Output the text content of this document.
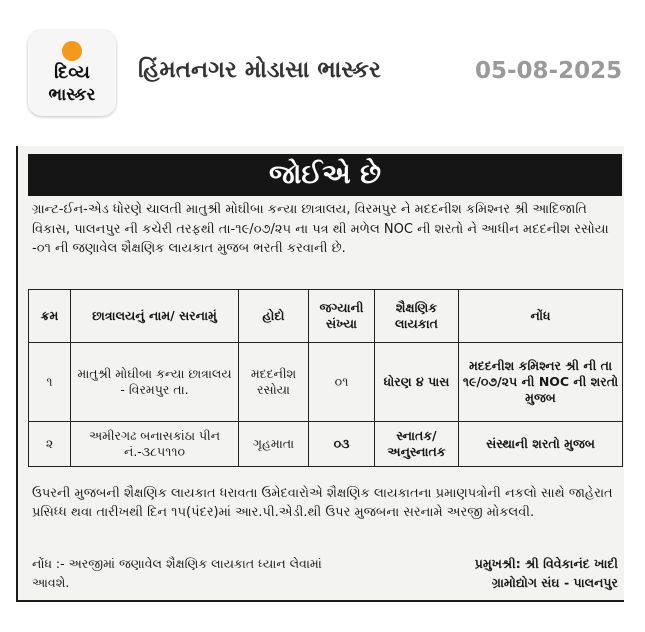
દિવ્ય
ભાસ્કર
હિંમતનગર મોડાસા ભાસ્કર	05-08-2025
જોઈએ છે
ગ્રાન્ટ-ઈન-એડ ધોરણે ચાલતી માતુશ્રી મોઘીબા કન્યા છાત્રાલય, વિરમપુર ને મદદનીશ કમિશ્નર શ્રી આદિજાતિ વિકાસ, પાલનપુર ની કચેરી તરફથી તા-૧૯/૦૭/૨૫ ના પત્ર થી મળેલ NOC ની શરતો ને આધીન મદદનીશ રસોયા -૦૧ ની જણાવેલ શૈક્ષણિક લાયકાત મુજબ ભરતી કરવાની છે.
ક્રમ	છાત્રાલયનું નામ/ સરનામું	હોદો	જગ્યાની સંખ્યા	શૈક્ષણિક લાયકાત	નોંધ
૧	માતુશ્રી મોઘીબા કન્યા છાત્રાલય - વિરમપુર તા.	મદદનીશ રસોયા	૦૧	ધોરણ ૪ પાસ	મદદનીશ કમિશ્નર શ્રી ની તા ૧૯/૦૭/૨૫ ની NOC ની શરતો મુજબ
૨	અમીરગઢ બનાસકાંઠા પીન નં.-૩૮૫૧૧૦	ગૃહમાતા	૦૩	સ્નાતક/ અનુસ્નાતક	સંસ્થાની શરતો મુજબ
ઉપરની મુજબની શૈક્ષણિક લાયકાત ધરાવતા ઉમેદવારોએ શૈક્ષણિક લાયકાતના પ્રમાણપત્રોની નકલો સાથે જાહેરાત પ્રસિધ્ધ થવા તારીખથી દિન ૧૫(પંદર)માં આર.પી.એડી.થી ઉપર મુજબના સરનામે અરજી મોકલવી.
નોંધ :- અરજીમાં જણાવેલ શૈક્ષણિક લાયકાત ધ્યાન લેવામાં આવશે.
પ્રમુખશ્રી: શ્રી વિવેકાનંદ ખાદી
ગ્રામોદ્યોગ સંઘ - પાલનપુર
